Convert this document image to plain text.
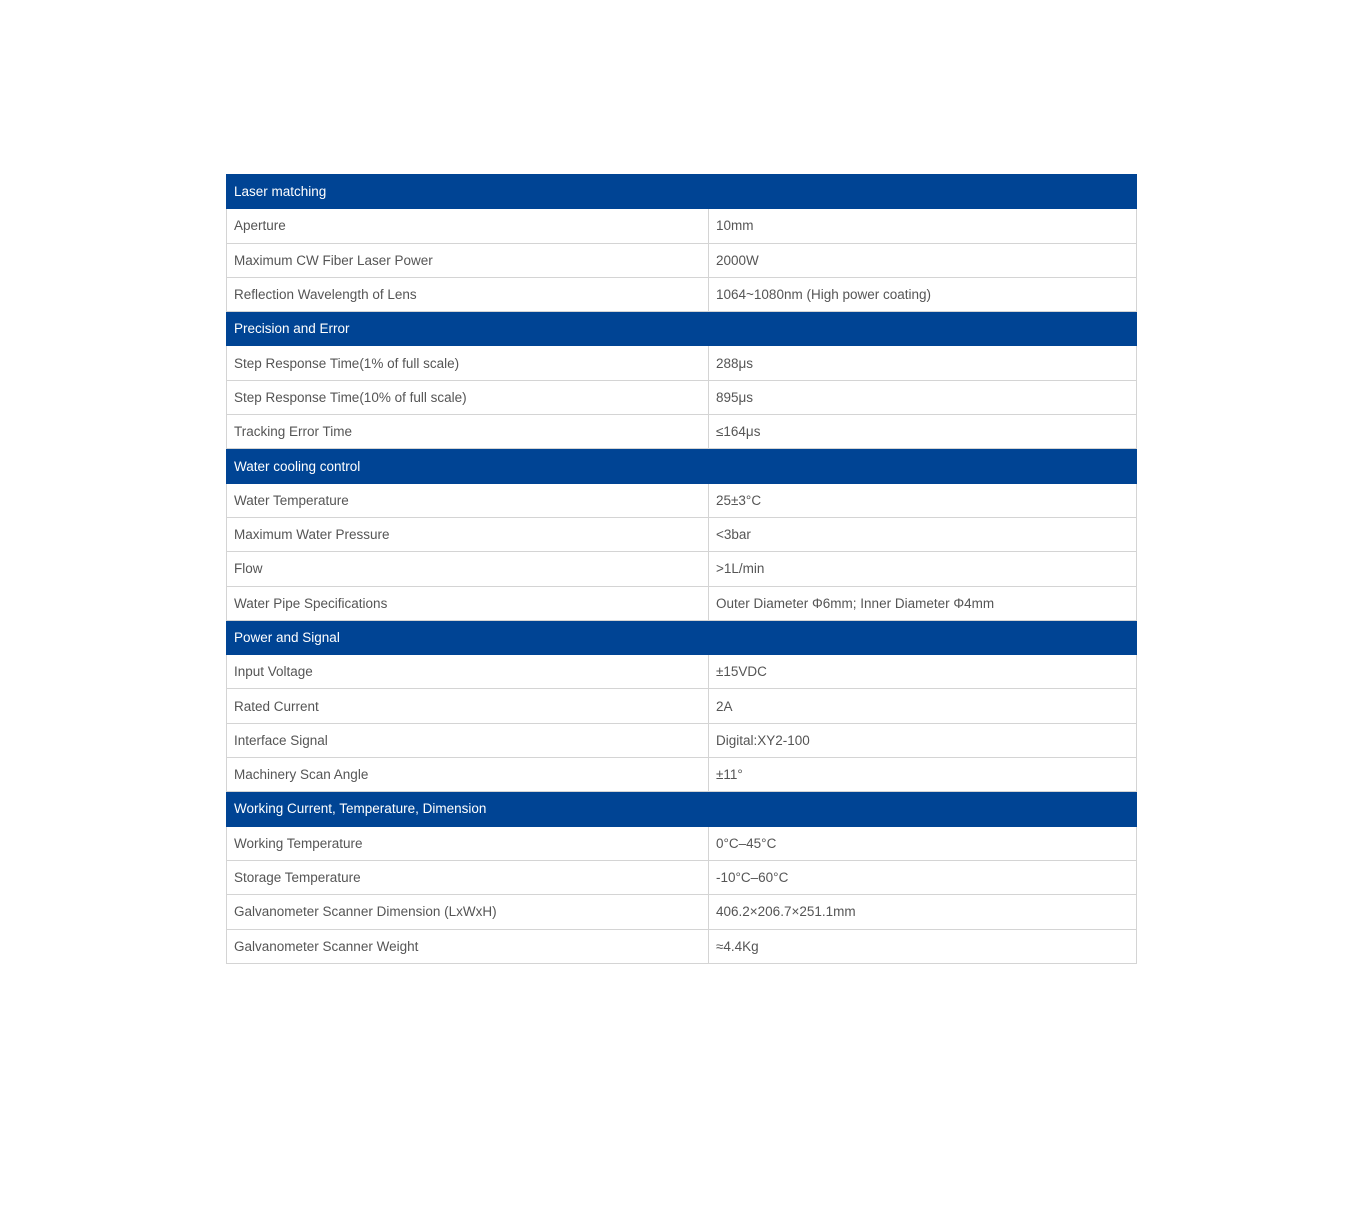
Laser matching	
Aperture	10mm
Maximum CW Fiber Laser Power	2000W
Reflection Wavelength of Lens	1064~1080nm (High power coating)
Precision and Error	
Step Response Time(1% of full scale)	288μs
Step Response Time(10% of full scale)	895μs
Tracking Error Time	≤164μs
Water cooling control	
Water Temperature	25±3°C
Maximum Water Pressure	<3bar
Flow	>1L/min
Water Pipe Specifications	Outer Diameter Φ6mm; Inner Diameter Φ4mm
Power and Signal	
Input Voltage	±15VDC
Rated Current	2A
Interface Signal	Digital:XY2-100
Machinery Scan Angle	±11°
Working Current, Temperature, Dimension	
Working Temperature	0°C–45°C
Storage Temperature	-10°C–60°C
Galvanometer Scanner Dimension (LxWxH)	406.2×206.7×251.1mm
Galvanometer Scanner Weight	≈4.4Kg
